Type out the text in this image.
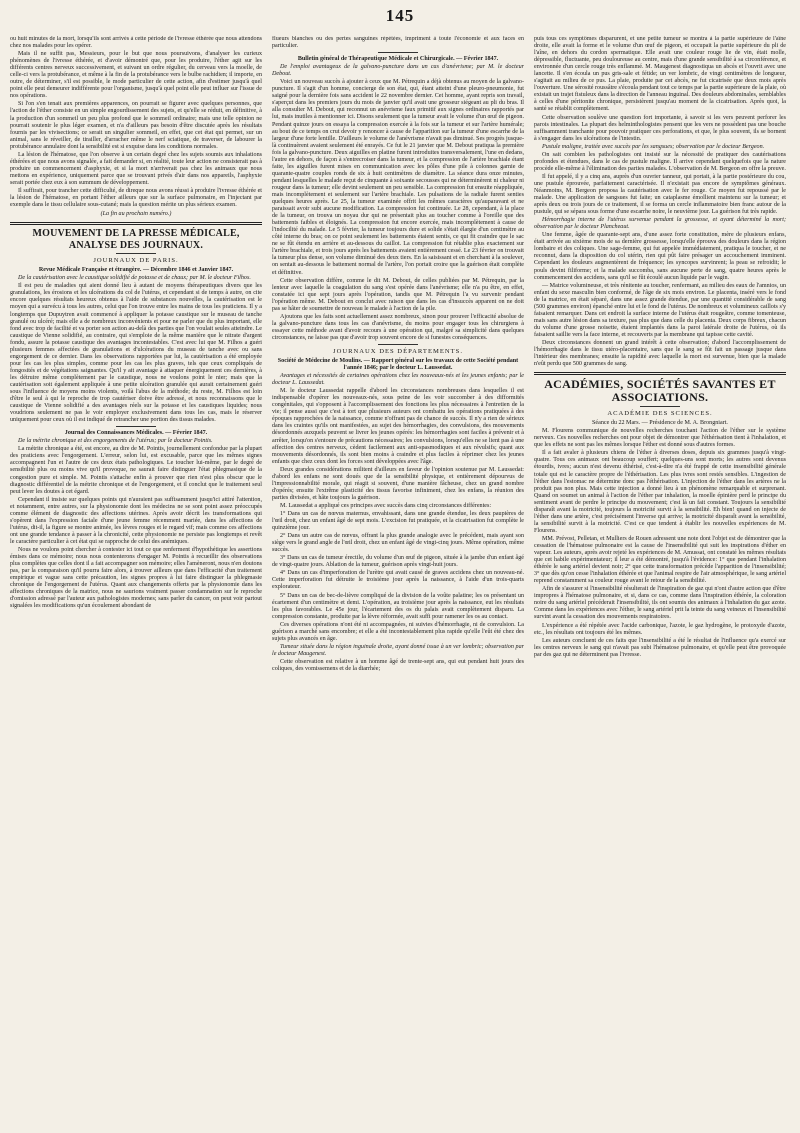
145

ou huit minutes de la mort, lorsqu'ils sont arrivés à cette période de l'ivresse éthérée que nous attendons chez nos malades pour les opérer.

Mais il ne suffit pas, Messieurs, pour le but que nous poursuivons, d'analyser les curieux phénomènes de l'ivresse éthérée, et d'avoir démontré que, pour les produire, l'éther agit sur les différents centres nerveux successivement, et suivant un ordre régulier, du cerveau vers la moelle, de celle-ci vers la protubérance, et même à la fin de la protubérance vers le bulbe rachidien; il importe, en outre, de déterminer, s'il est possible, le mode particulier de cette action, afin d'estimer jusqu'à quel point elle peut demeurer indifférente pour l'organisme, jusqu'à quel point elle peut influer sur l'issue de nos opérations.

Si l'on s'en tenait aux premières apparences, on pourrait se figurer avec quelques personnes, que l'action de l'éther consiste en un simple engourdissement des sujets, et qu'elle se réduit, en définitive, à la production d'un sommeil un peu plus profond que le sommeil ordinaire; mais une telle opinion ne pourrait soutenir le plus léger examen, et n'a d'ailleurs pas besoin d'être discutée après les résultats fournis par les vivisections; ce serait un singulier sommeil, en effet, que cet état qui permet, sur un animal, sans le réveiller, de tirailler, d'arracher même le nerf sciatique, de traverser, de labourer la protubérance annulaire dont la sensibilité est si exquise dans les conditions normales.

La lésion de l'hématose, que l'on observe à un certain degré chez les sujets soumis aux inhalations éthérées et que nous avons signalée, a fait demander si, en réalité, toute leur action ne consisterait pas à produire un commencement d'asphyxie, et si la mort n'arriverait pas chez les animaux que nous mettons en expérience, uniquement parce que se trouvant privés d'air dans nos appareils, l'asphyxie serait portée chez eux à son summum de développement.

Il suffirait, pour trancher cette difficulté, de direque nous avons réussi à produire l'ivresse éthérée et la lésion de l'hématose, en portant l'éther ailleurs que sur la surface pulmonaire, en l'injectant par exemple dans le tissu cellulaire sous-cutané; mais la question mérite un plus sérieux examen.

(La fin au prochain numéro.)
MOUVEMENT DE LA PRESSE MÉDICALE, ANALYSE DES JOURNAUX.
JOURNAUX DE PARIS.
Revue Médicale Française et étrangère. — Décembre 1846 et Janvier 1847.
De la cautérisation avec le caustique solidifié de potasse et de chaux; par M. le docteur Filhos.

Il est peu de maladies qui aient donné lieu à autant de moyens thérapeutiques divers que les granulations, les érosions et les ulcérations du col de l'utérus, et cependant si de temps à autre, on cite encore quelques résultats heureux obtenus à l'aide de substances nouvelles, la cautérisation est le moyen qui a survécu à tous les autres, celui que l'on trouve entre les mains de tous les praticiens. Il y a longtemps que Dupuytren avait commencé à appliquer la potasse caustique sur le museau de tanche granulé ou ulcéré; mais elle a de nombreux inconvénients et pour ne parler que du plus important, elle fond avec trop de facilité et va porter son action au-delà des parties que l'on voulait seules atteindre. Le caustique de Vienne solidifié, au contraire, qui s'emploie de la même manière que le nitrate d'argent fondu, assure la potasse caustique des avantages incontestables. C'est avec lui que M. Filhos a guéri plusieurs femmes affectées de granulations et d'ulcérations du museau de tanche avec ou sans engorgement de ce dernier. Dans les observations rapportées par lui, la cautérisation a été employée pour les cas les plus simples, comme pour les cas les plus graves, tels que ceux compliqués de fongosités et de végétations saignantes. Qu'il y ait avantage à attaquer énergiquement ces dernières, à les détruire même complètement par le caustique, nous ne voulons point le nier; mais que la cautérisation soit également appliquée à une petite ulcération granulée qui aurait certainement guéri sous l'influence de moyens moins violents, voilà l'abus de la méthode; du reste, M. Filhos est loin d'être le seul à qui le reproche de trop cautériser doive être adressé, et nous reconnaissons que le caustique de Vienne solidifié a des avantages réels sur la potasse et les caustiques liquides; nous voudrions seulement ne pas le voir employer exclusivement dans tous les cas, mais le réserver uniquement pour ceux où il est indiqué de retrancher une portion des tissus malades.

Journal des Connaissances Médicales. — Février 1847.
De la métrite chronique et des engorgements de l'utérus; par le docteur Pointis.

La métrite chronique a été, est encore, au dire de M. Pointis, journellement confondue par la plupart des praticiens avec l'engorgement. L'erreur, selon lui, est excusable, parce que les mêmes signes accompagnent l'un et l'autre de ces deux états pathologiques. Le toucher lui-même, par le degré de sensibilité plus ou moins vive qu'il provoque, ne saurait faire distinguer l'état phlegmasique de la congestion pure et simple. M. Pointis s'attache enfin à prouver que rien n'est plus obscur que le diagnostic différentiel de la métrite chronique et de l'engorgement, et il conclut que le traitement seul peut lever les doutes à cet égard.

Cependant il insiste sur quelques points qui n'auraient pas suffisamment jusqu'ici attiré l'attention, et notamment, entre autres, sur la physionomie dont les médecins ne se sont point assez préoccupés comme élément de diagnostic des affections utérines. Après avoir décrit les transformations qui s'opèrent dans l'expression faciale d'une jeune femme récemment mariée, dans les affections de l'utérus, dit-il, la figure se montre animée, les lèvres rouges et le regard vif; mais comme ces affections ont une grande tendance à passer à la chronicité, cette physionomie ne persiste pas longtemps et revêt le caractère particulier à cet état qui se rapproche de celui des anémiques.

Nous ne voulons point chercher à contester ici tout ce que renferment d'hypothétique les assertions émises dans ce mémoire; nous nous contenterons d'engager M. Pointis à recueillir des observations plus complètes que celles dont il a fait accompagner son mémoire; elles l'amèneront, nous n'en doutons pas, par la comparaison qu'il pourra faire alors, à trouver ailleurs que dans l'efficacité d'un traitement empirique et vague sans cette précaution, les signes propres à lui faire distinguer la phlegmasie chronique de l'engorgement de l'utérus. Quant aux changements offerts par la physionomie dans les affections chroniques de la matrice, nous ne saurions vraiment passer condamnation sur le reproche d'omission adressé par l'auteur aux pathologistes modernes; sans parler du cancer, on peut voir partout signalées les modifications qu'un écoulement abondant de

flueurs blanches ou des pertes sanguines répétées, impriment à toute l'économie et aux faces en particulier.

Bulletin général de Thérapeutique Médicale et Chirurgicale. — Février 1847.
De l'emploi avantageux de la galvano-puncture dans un cas d'anévrisme; par M. le docteur Debout.

Voici un nouveau succès à ajouter à ceux que M. Pétrequin a déjà obtenus au moyen de la galvano-puncture. Il s'agit d'un homme, concierge de son état, qui, étant atteint d'une pleuro-pneumonie, fut saigné pour la dernière fois sans accident le 22 novembre dernier. Cet homme, ayant repris son travail, s'aperçut dans les premiers jours du mois de janvier qu'il avait une grosseur siégeant au pli du bras. Il alla consulter M. Debout, qui reconnut un anévrisme faux primitif aux signes ordinaires rapportés par lui, mais inutiles à mentionner ici. Disons seulement que la tumeur avait le volume d'un œuf de pigeon. Pendant quinze jours on essaya la compression exercée à la fois sur la tumeur et sur l'artère humérale; au bout de ce temps on crut devoir y renoncer à cause de l'apparition sur la tumeur d'une escarrhe de la largeur d'une forte lentille. D'ailleurs le volume de l'anévrisme n'avait pas diminué. Ses progrès jusque-là continuèrent avaient seulement été enrayés. Ce fut le 21 janvier que M. Debout pratiqua la première fois la galvano-puncture. Deux aiguilles en platine furent introduites transversalement, l'une en dedans, l'autre en dehors, de façon à s'entrecroiser dans la tumeur, et la compression de l'artère brachiale étant faite, les aiguilles furent mises en communication avec les pôles d'une pile à colonnes garnie de quarante-quatre couples ronds de six à huit centimètres de diamètre. La séance dura onze minutes, pendant lesquelles le malade reçut de cinquante à soixante secousses qui ne déterminèrent ni chaleur ni rougeur dans la tumeur; elle devint seulement un peu sensible. La compression fut ensuite réappliquée, mais incomplètement et seulement sur l'artère brachiale. Les pulsations de la radiale furent senties quelques heures après. Le 25, la tumeur examinée offrit les mêmes caractères qu'auparavant et ne paraissait avoir subi aucune modification. La compression fut continuée. Le 28, cependant, à la place de la tumeur, on trouva un noyau dur qui ne présentait plus au toucher comme à l'oreille que des battements faibles et éloignés. La compression fut encore exercée, mais incomplètement à cause de l'indocilité du malade. Le 5 février, la tumeur toujours dure et solide s'était élargie d'un centimètre au côté interne du bras; on ce point seulement les battements étaient sentis, ce qui fit craindre que le sac ne se fût étendu en arrière et au-dessous du caillot. La compression fut rétablie plus exactement sur l'artère brachiale, et trois jours après les battements avaient entièrement cessé. Le 23 février on trouvait la tumeur plus dense, son volume diminué des deux tiers. En la saisissant et en cherchant à la soulever, on sentait au-dessous le battement normal de l'artère, l'on portait croire que la guérison était complète et définitive.

Cette observation diffère, comme le dit M. Debout, de celles publiées par M. Pétrequin, par la lenteur avec laquelle la coagulation du sang s'est opérée dans l'anévrisme; elle n'a pu être, en effet, constatée ici que sept jours après l'opération, tandis que M. Pétrequin l'a vu survenir pendant l'opération même. M. Debout en conclut avec raison que dans les cas d'insuccès apparent on ne doit pas se hâter de soumettre de nouveau le malade à l'action de la pile.

Ajoutons que les faits sont actuellement assez nombreux, sinon pour prouver l'efficacité absolue de la galvano-puncture dans tous les cas d'anévrisme, du moins pour engager tous les chirurgiens à essayer cette méthode avant d'avoir recours à une opération qui, malgré sa simplicité dans quelques circonstances, ne laisse pas que d'avoir trop souvent encore de si funestes conséquences.

JOURNAUX DES DÉPARTEMENTS.
Société de Médecine de Moulins. — Rapport général sur les travaux de cette Société pendant l'année 1846; par le docteur L. Laussedat.
Avantages et nécessités de certaines opérations chez les nouveaux-nés et les jeunes enfants; par le docteur L. Laussedat.

M. le docteur Laussedat rappelle d'abord les circonstances nombreuses dans lesquelles il est indispensable d'opérer les nouveaux-nés, sous peine de les voir succomber à des difformités congénitales, qui s'opposent à l'accomplissement des fonctions les plus nécessaires à l'entretien de la vie; il pense aussi que c'est à tort que plusieurs auteurs ont combattu les opérations pratiquées à des époques rapprochées de la naissance, comme n'offrant pas de chance de succès. Il n'y a rien de sérieux dans les craintes qu'ils ont manifestées, au sujet des hémorrhagies, des convulsions, des mouvements désordonnés auxquels peuvent se livrer les jeunes opérés: les hémorrhagies sont faciles à prévenir et à arrêter, lorsqu'on s'entoure de précautions nécessaires; les convulsions, lorsqu'elles ne se lient pas à une affection des centres nerveux, cèdent facilement aux anti-spasmodiques et aux révulsifs; quant aux mouvements désordonnés, ils sont bien moins à craindre et plus faciles à réprimer chez les jeunes enfants que chez ceux dont les forces sont développées avec l'âge.

Deux grandes considérations militent d'ailleurs en faveur de l'opinion soutenue par M. Laussedat: d'abord les enfans ne sont doués que de la sensibilité physique, et entièrement dépourvus de l'impressionnabilité morale, qui réagit si souvent, d'une manière fâcheuse, chez un grand nombre d'opérés; ensuite l'extrême plasticité des tissus favorise infiniment, chez les enfans, la réunion des parties divisées, et hâte toujours la guérison.

M. Laussedat a appliqué ces principes avec succès dans cinq circonstances différentes:

1° Dans un cas de nœvus maternus, envahissant, dans une grande étendue, les deux paupières de l'œil droit, chez un enfant âgé de sept mois. L'excision fut pratiquée, et la cicatrisation fut complète le quinzième jour.

2° Dans un autre cas de nœvus, offrant la plus grande analogie avec le précédent, mais ayant son siège vers le grand angle de l'œil droit, chez un enfant âgé de vingt-cinq jours. Même opération, même succès.

3° Dans un cas de tumeur érectile, du volume d'un œuf de pigeon, située à la jambe d'un enfant âgé de vingt-quatre jours. Ablation de la tumeur, guérison après vingt-huit jours.

4° Dans un cas d'imperforation de l'urètre qui avait causé de graves accidens chez un nouveau-né. Cette imperforation fut détruite le troisième jour après la naissance, à l'aide d'un trois-quarts explorateur.

5° Dans un cas de bec-de-lièvre compliqué de la division de la voûte palatine; les os présentant un écartement d'un centimètre et demi. L'opération, au troisième jour après la naissance, eut les résultats les plus favorables. Le 45e jour, l'écartement des os du palais avait complètement disparu. La compression constante, produite par la lèvre réformée, avait suffi pour ramener les os au contact.

Ces diverses opérations n'ont été ni accompagnées, ni suivies d'hémorrhagie, ni de convulsion. La guérison a marché sans encombre; et elle a été incontestablement plus rapide qu'elle l'eût été chez des sujets plus avancés en âge.

Tumeur située dans la région inguinale droite, ayant donné issue à un ver lombric; observation par le docteur Maugenest.

Cette observation est relative à un homme âgé de trente-sept ans, qui eut pendant huit jours des coliques, des vomissemens et de la diarrhée;

puis tous ces symptômes disparurent, et une petite tumeur se montra à la partie supérieure de l'aîne droite, elle avait la forme et le volume d'un œuf de pigeon, et occupait la partie supérieure du pli de l'aîne, en dehors du cordon spermatique. Elle avait une couleur rouge lie de vin, était molle, dépressible, fluctuante, peu douloureuse au centre, mais d'une grande sensibilité à sa circonférence, et environnée d'un cercle rouge très enflammé. M. Maugenest diagnostiqua un abcès et l'ouvrit avec une lancette. Il s'en écoula un pus gris-sale et fétide; un ver lombric, de vingt centimètres de longueur, s'agitait au milieu de ce pus. La plaie, produite par cet abcès, ne fut cicatrisée que deux mois après l'ouverture. Une sérosité roussâtre s'écoula pendant tout ce temps par la partie supérieure de la plaie, où existait un trajet fistuleux dans la direction de l'anneau inguinal. Des douleurs abdominales, semblables à celles d'une péritonite chronique, persistèrent jusqu'au moment de la cicatrisation. Après quoi, la santé se rétablit complètement.

Cette observation soulève une question fort importante, à savoir si les vers peuvent perforer les parois intestinales. La plupart des helminthologistes pensent que les vers ne possèdent pas une bouche suffisamment tranchante pour pouvoir pratiquer ces perforations, et que, le plus souvent, ils se bornent à s'engager dans les ulcérations de l'intestin.

Pustule maligne, traitée avec succès par les sangsues; observation par le docteur Bergeon.

On sait combien les pathologistes ont insisté sur la nécessité de pratiquer des cautérisations profondes et étendues, dans le cas de pustule maligne. Il arrive cependant quelquefois que la nature procède elle-même à l'élimination des parties malades. L'observation de M. Bergeon en offre la preuve.

Il fut appelé, il y a cinq ans, auprès d'un ouvrier tanneur, qui portait, à la partie postérieure du cou, une pustule éprouvée, parfaitement caractérisée. Il n'existait pas encore de symptômes généraux. Néanmoins, M. Bergeon proposa la cautérisation avec le fer rouge. Ce moyen fut repoussé par le malade. Une application de sangsues fut faite; un cataplasme émollient maintenu sur la tumeur; et après deux ou trois jours de ce traitement, il se forma un cercle inflammatoire bien franc autour de la pustule, qui se sépara sous forme d'une escarrhe noire, le neuvième jour. La guérison fut très rapide.

Hémorrhagie interne de l'utérus survenue pendant la grossesse, et ayant déterminé la mort; observation par le docteur Plancheaut.

Une femme, âgée de quarante-sept ans, d'une assez forte constitution, mère de plusieurs enfans, était arrivée au sixième mois de sa dernière grossesse, lorsqu'elle éprouva des douleurs dans la région lombaire et des coliques. Une sage-femme, qui fut appelée immédiatement, pratiqua le toucher, et ne reconnut, dans la disposition du col utérin, rien qui pût faire présager un accouchement imminent. Cependant les douleurs augmentèrent de fréquence; les syncopes survinrent; la peau se refroidit; le pouls devint filiforme; et la malade succomba, sans aucune perte de sang, quatre heures après le commencement des accidens, sans qu'il se fût écoulé aucun liquide par le vagin.

— Matrice volumineuse, et très rénitente au toucher, renfermant, au milieu des eaux de l'amnios, un enfant du sexe masculin bien conformé, de l'âge de six mois environ. Le placenta, inséré vers le fond de la matrice, en était séparé, dans une assez grande étendue, par une quantité considérable de sang (500 grammes environ) épanché entre lui et le fond de l'utérus. De nombreux et volumineux caillots s'y faisaient remarquer. Dans cet endroit la surface interne de l'utérus était rougeâtre, comme tomenteuse, mais sans autre lésion dans sa texture, pas plus que dans celle du placenta. Deux corps fibreux, chacun du volume d'une grosse noisette, étaient implantés dans la paroi latérale droite de l'utérus, où ils faisaient saillie vers la face interne, et recouverts par la membrane qui tapisse cette cavité.

Deux circonstances donnent un grand intérêt à cette observation; d'abord l'accomplissement de l'hémorrhagie dans le tissu utéro-placentaire, sans que le sang se fût fait un passage jusque dans l'intérieur des membranes; ensuite la rapidité avec laquelle la mort est survenue, bien que la malade n'eût perdu que 500 grammes de sang.

ACADÉMIES, SOCIÉTÉS SAVANTES ET ASSOCIATIONS.
ACADÉMIE DES SCIENCES.
Séance du 22 Mars. — Présidence de M. A. Brongniart.

M. Flourens communique de nouvelles recherches touchant l'action de l'éther sur le système nerveux. Ces nouvelles recherches ont pour objet de démontrer que l'éthérisation tient à l'inhalation, et que les effets ne sont pas les mêmes lorsque l'éther est donné sous d'autres formes.

Il a fait avaler à plusieurs chiens de l'éther à diverses doses, depuis six grammes jusqu'à vingt-quatre. Tous ces animaux ont beaucoup souffert; quelques-uns sont morts; les autres sont devenus étourdis, ivres; aucun n'est devenu éthérisé, c'est-à-dire n'a été frappé de cette insensibilité générale totale qui est le caractère propre de l'éthérisation. Les plus ivres sont restés sensibles. L'ingestion de l'éther dans l'estomac ne détermine donc pas l'éthérisation. L'injection de l'éther dans les artères ne la produit pas non plus. Mais cette injection a donné lieu à un phénomène remarquable et surprenant. Quand on soumet un animal à l'action de l'éther par inhalation, la moelle épinière perd le principe du sentiment avant de perdre le principe du mouvement; c'est là un fait constant. Toujours la sensibilité disparaît avant la motricité, toujours la motricité survit à la sensibilité. Eh bien! quand on injecte de l'éther dans une artère, c'est précisément l'inverse qui arrive; la motricité disparaît avant la sensibilité, la sensibilité survit à la motricité. C'est ce que tendent à établir les nouvelles expériences de M. Flourens.

MM. Prévost, Pelletan, et Mulliers de Rouen adressent une note dont l'objet est de démontrer que la cessation de l'hématose pulmonaire est la cause de l'insensibilité qui suit les inspirations d'éther en vapeur. Les auteurs, après avoir rejeté les expériences de M. Amussat, ont constaté les mêmes résultats que cet habile expérimentateur; il leur a été démontré, jusqu'à l'évidence: 1° que pendant l'inhalation éthérée le sang artériel devient noir; 2° que cette transformation précède l'apparition de l'insensibilité; 3° que dès qu'on cesse l'inhalation éthérée et que l'animal respire de l'air atmosphérique, le sang artériel reprend constamment sa couleur rouge avant le retour de la sensibilité.

Afin de s'assurer si l'insensibilité résulterait de l'inspiration de gaz qui n'ont d'autre action que d'être impropres à l'hématose pulmonaire, et si, dans ce cas, comme dans l'inspiration éthérée, la coloration noire du sang artériel précéderait l'insensibilité, ils ont soumis des animaux à l'inhalation du gaz azote. Comme dans les expériences avec l'éther, le sang artériel prit la teinte du sang veineux et l'insensibilité survint avant la cessation des mouvements respiratoires.

L'expérience a été répétée avec l'acide carbonique, l'azote, le gaz hydrogène, le protoxyde d'azote, etc., les résultats ont toujours été les mêmes.

Les auteurs concluent de ces faits que l'insensibilité a été le résultat de l'influence qu'a exercé sur les centres nerveux le sang qui n'avait pas subi l'hématose pulmonaire, et qu'elle peut être provoquée par des gaz qui ne déterminent pas l'ivresse.
